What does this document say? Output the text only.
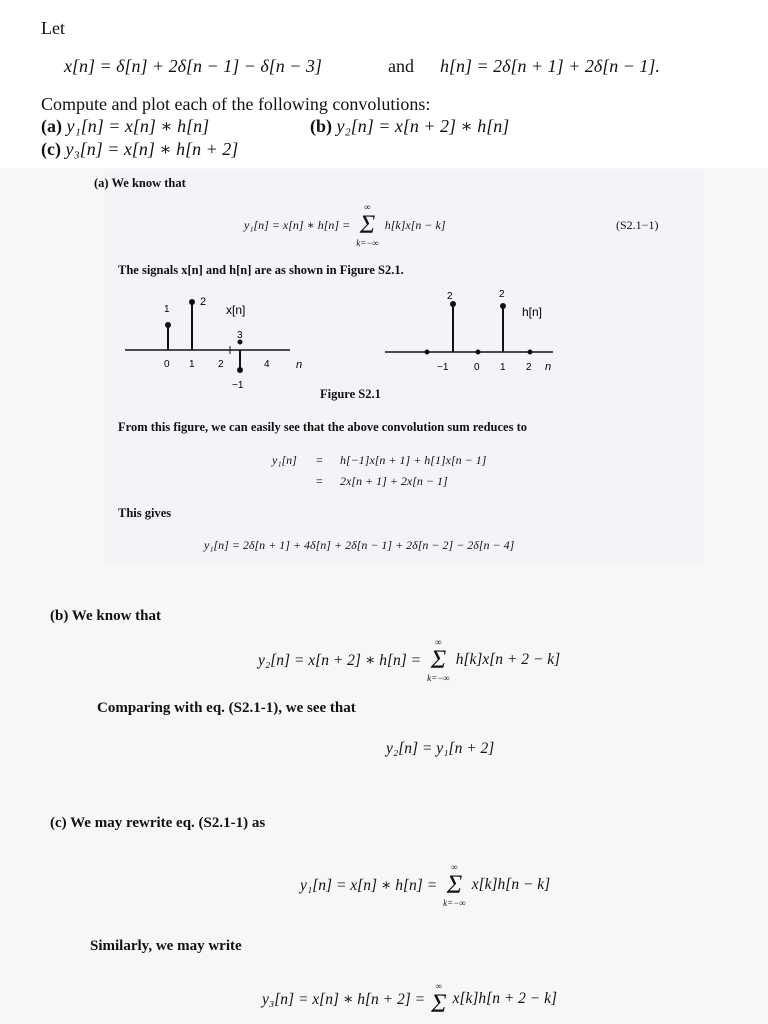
Let
x[n] = δ[n] + 2δ[n − 1] − δ[n − 3]	and h[n] = 2δ[n + 1] + 2δ[n − 1].
Compute and plot each of the following convolutions:
(a) y₁[n] = x[n] ∗ h[n]	(b) y₂[n] = x[n + 2] ∗ h[n]
(c) y₃[n] = x[n] ∗ h[n + 2]
(a) We know that
y₁[n] = x[n] ∗ h[n] =
∞
Σ
k=−∞
h[k]x[n − k]	(S2.1−1)
The signals x[n] and h[n] are as shown in Figure S2.1.
0 1 2	4
1
2
3
−1
x[n]
n
2	2
−1	0 1 2
h[n]
n
Figure S2.1
From this figure, we can easily see that the above convolution sum reduces to
y₁[n] = h[−1]x[n + 1] + h[1]x[n − 1]
= 2x[n + 1] + 2x[n − 1]
This gives
y₁[n] = 2δ[n + 1] + 4δ[n] + 2δ[n − 1] + 2δ[n − 2] − 2δ[n − 4]
(b) We know that
y₂[n] = x[n + 2] ∗ h[n] =
∞
Σ
k=−∞
h[k]x[n + 2 − k]
Comparing with eq. (S2.1-1), we see that
y₂[n] = y₁[n + 2]
(c) We may rewrite eq. (S2.1-1) as
y₁[n] = x[n] ∗ h[n] =
∞
Σ
k=−∞
x[k]h[n − k]
Similarly, we may write
y₃[n] = x[n] ∗ h[n + 2] =
∞
Σ x[k]h[n + 2 − k]
